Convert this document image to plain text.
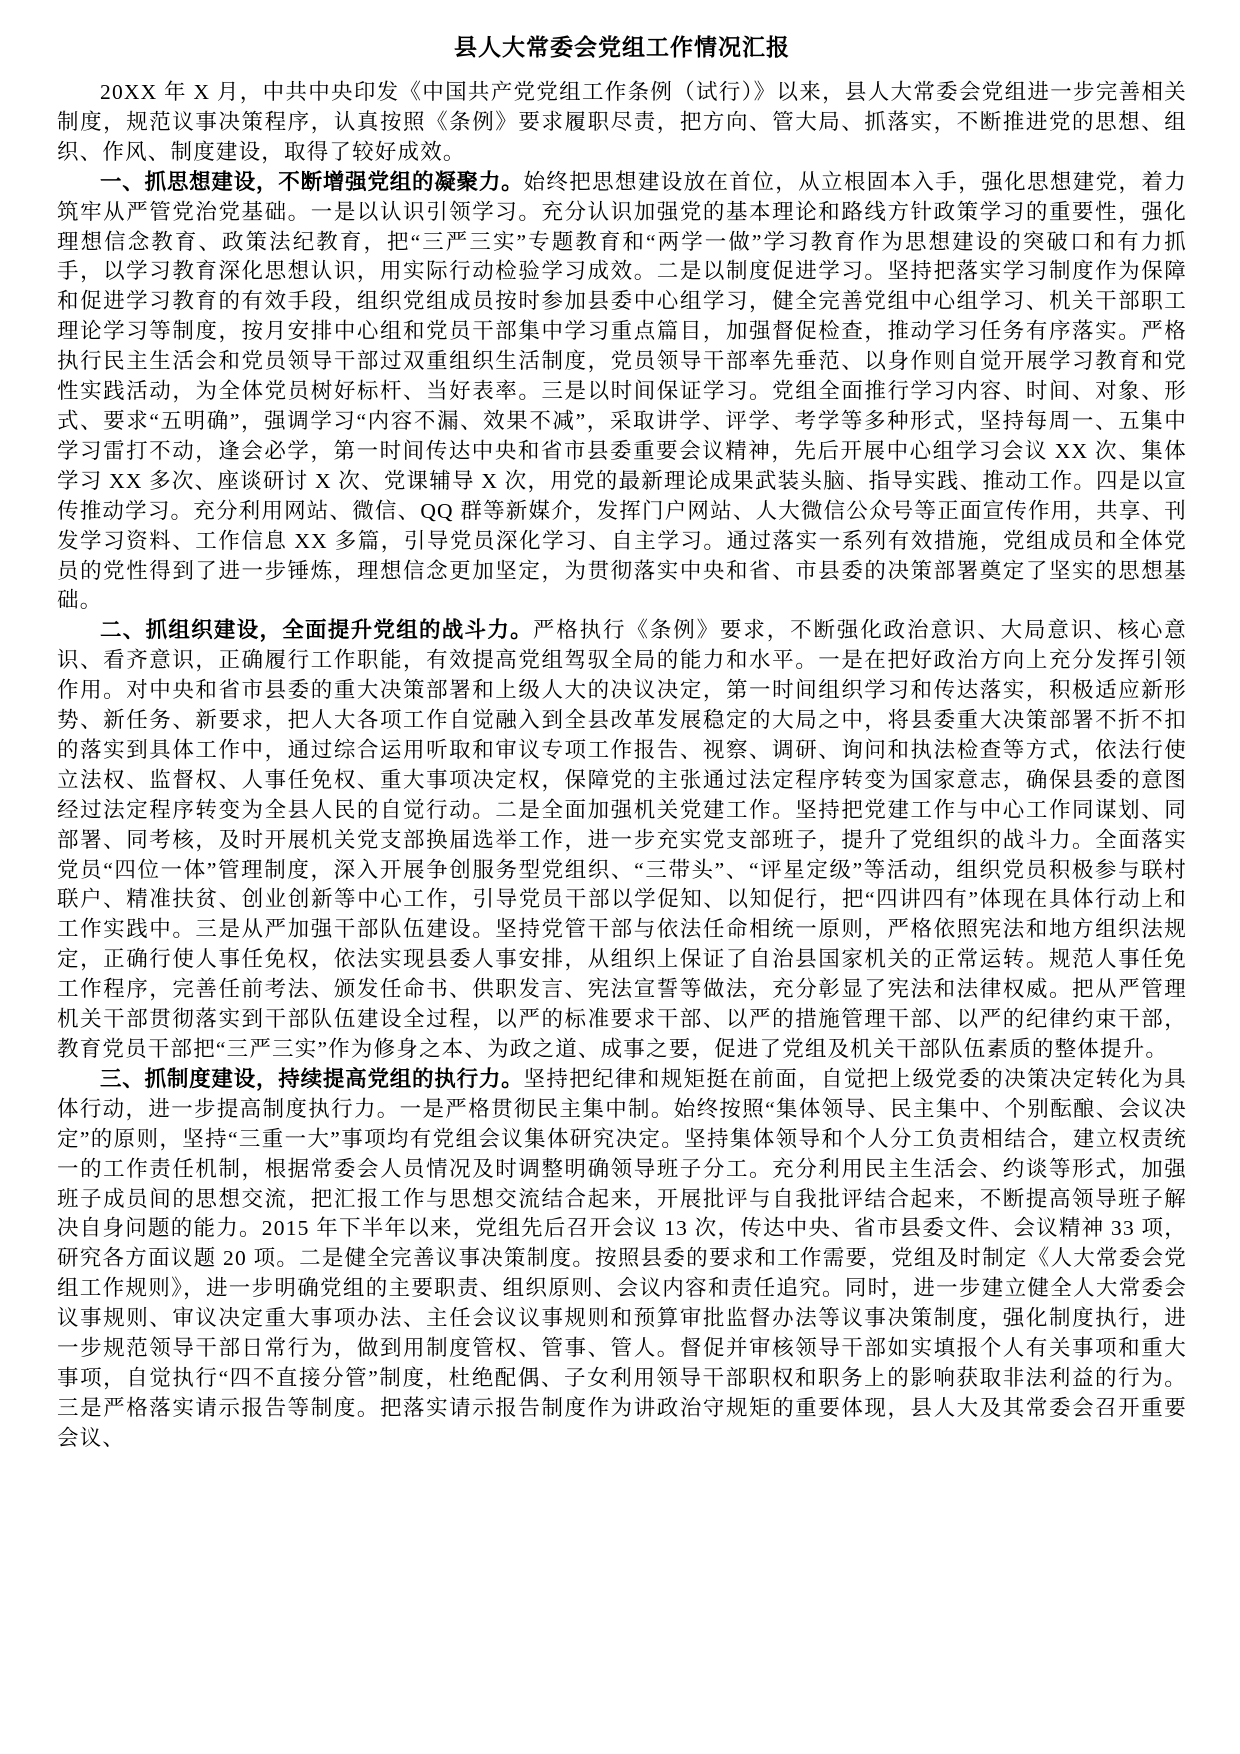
县人大常委会党组工作情况汇报

20XX 年 X 月，中共中央印发《中国共产党党组工作条例（试行）》以来，县人大常委会党组进一步完善相关制度，规范议事决策程序，认真按照《条例》要求履职尽责，把方向、管大局、抓落实，不断推进党的思想、组织、作风、制度建设，取得了较好成效。

一、抓思想建设，不断增强党组的凝聚力。始终把思想建设放在首位，从立根固本入手，强化思想建党，着力筑牢从严管党治党基础。一是以认识引领学习。充分认识加强党的基本理论和路线方针政策学习的重要性，强化理想信念教育、政策法纪教育，把“三严三实”专题教育和“两学一做”学习教育作为思想建设的突破口和有力抓手，以学习教育深化思想认识，用实际行动检验学习成效。二是以制度促进学习。坚持把落实学习制度作为保障和促进学习教育的有效手段，组织党组成员按时参加县委中心组学习，健全完善党组中心组学习、机关干部职工理论学习等制度，按月安排中心组和党员干部集中学习重点篇目，加强督促检查，推动学习任务有序落实。严格执行民主生活会和党员领导干部过双重组织生活制度，党员领导干部率先垂范、以身作则自觉开展学习教育和党性实践活动，为全体党员树好标杆、当好表率。三是以时间保证学习。党组全面推行学习内容、时间、对象、形式、要求“五明确”，强调学习“内容不漏、效果不减”，采取讲学、评学、考学等多种形式，坚持每周一、五集中学习雷打不动，逢会必学，第一时间传达中央和省市县委重要会议精神，先后开展中心组学习会议 XX 次、集体学习 XX 多次、座谈研讨 X 次、党课辅导 X 次，用党的最新理论成果武装头脑、指导实践、推动工作。四是以宣传推动学习。充分利用网站、微信、QQ 群等新媒介，发挥门户网站、人大微信公众号等正面宣传作用，共享、刊发学习资料、工作信息 XX 多篇，引导党员深化学习、自主学习。通过落实一系列有效措施，党组成员和全体党员的党性得到了进一步锤炼，理想信念更加坚定，为贯彻落实中央和省、市县委的决策部署奠定了坚实的思想基础。

二、抓组织建设，全面提升党组的战斗力。严格执行《条例》要求，不断强化政治意识、大局意识、核心意识、看齐意识，正确履行工作职能，有效提高党组驾驭全局的能力和水平。一是在把好政治方向上充分发挥引领作用。对中央和省市县委的重大决策部署和上级人大的决议决定，第一时间组织学习和传达落实，积极适应新形势、新任务、新要求，把人大各项工作自觉融入到全县改革发展稳定的大局之中，将县委重大决策部署不折不扣的落实到具体工作中，通过综合运用听取和审议专项工作报告、视察、调研、询问和执法检查等方式，依法行使立法权、监督权、人事任免权、重大事项决定权，保障党的主张通过法定程序转变为国家意志，确保县委的意图经过法定程序转变为全县人民的自觉行动。二是全面加强机关党建工作。坚持把党建工作与中心工作同谋划、同部署、同考核，及时开展机关党支部换届选举工作，进一步充实党支部班子，提升了党组织的战斗力。全面落实党员“四位一体”管理制度，深入开展争创服务型党组织、“三带头”、“评星定级”等活动，组织党员积极参与联村联户、精准扶贫、创业创新等中心工作，引导党员干部以学促知、以知促行，把“四讲四有”体现在具体行动上和工作实践中。三是从严加强干部队伍建设。坚持党管干部与依法任命相统一原则，严格依照宪法和地方组织法规定，正确行使人事任免权，依法实现县委人事安排，从组织上保证了自治县国家机关的正常运转。规范人事任免工作程序，完善任前考法、颁发任命书、供职发言、宪法宣誓等做法，充分彰显了宪法和法律权威。把从严管理机关干部贯彻落实到干部队伍建设全过程，以严的标准要求干部、以严的措施管理干部、以严的纪律约束干部，教育党员干部把“三严三实”作为修身之本、为政之道、成事之要，促进了党组及机关干部队伍素质的整体提升。

三、抓制度建设，持续提高党组的执行力。坚持把纪律和规矩挺在前面，自觉把上级党委的决策决定转化为具体行动，进一步提高制度执行力。一是严格贯彻民主集中制。始终按照“集体领导、民主集中、个别酝酿、会议决定”的原则，坚持“三重一大”事项均有党组会议集体研究决定。坚持集体领导和个人分工负责相结合，建立权责统一的工作责任机制，根据常委会人员情况及时调整明确领导班子分工。充分利用民主生活会、约谈等形式，加强班子成员间的思想交流，把汇报工作与思想交流结合起来，开展批评与自我批评结合起来，不断提高领导班子解决自身问题的能力。2015 年下半年以来，党组先后召开会议 13 次，传达中央、省市县委文件、会议精神 33 项，研究各方面议题 20 项。二是健全完善议事决策制度。按照县委的要求和工作需要，党组及时制定《人大常委会党组工作规则》，进一步明确党组的主要职责、组织原则、会议内容和责任追究。同时，进一步建立健全人大常委会议事规则、审议决定重大事项办法、主任会议议事规则和预算审批监督办法等议事决策制度，强化制度执行，进一步规范领导干部日常行为，做到用制度管权、管事、管人。督促并审核领导干部如实填报个人有关事项和重大事项，自觉执行“四不直接分管”制度，杜绝配偶、子女利用领导干部职权和职务上的影响获取非法利益的行为。三是严格落实请示报告等制度。把落实请示报告制度作为讲政治守规矩的重要体现，县人大及其常委会召开重要会议、
